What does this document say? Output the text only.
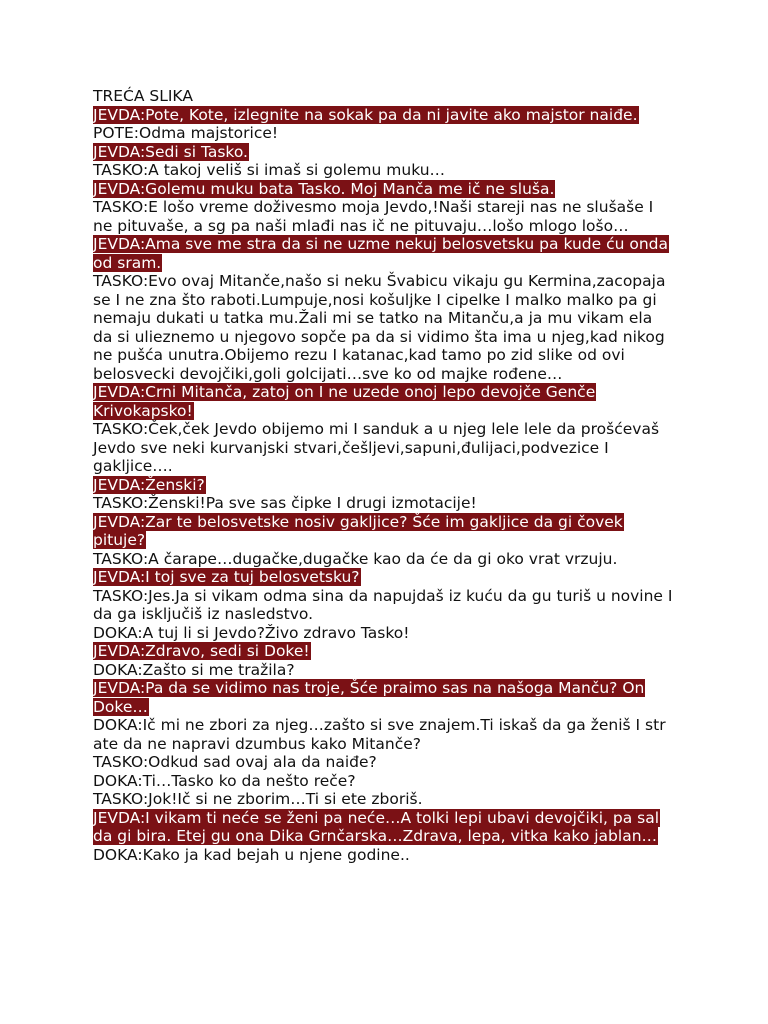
TREĆA SLIKA

JEVDA:Pote, Kote, izlegnite na sokak pa da ni javite ako majstor naiđe.

POTE:Odma majstorice!

JEVDA:Sedi si Tasko.

TASKO:A takoj veliš si imaš si golemu muku…

JEVDA:Golemu muku bata Tasko. Moj Manča me ič ne sluša.

TASKO:E lošo vreme doživesmo moja Jevdo,!Naši stareji nas ne slušaše I ne pituvaše, a sg pa naši mlađi nas ič ne pituvaju…lošo mlogo lošo…

JEVDA:Ama sve me stra da si ne uzme nekuj belosvetsku pa kude ću onda od sram.

TASKO:Evo ovaj Mitanče,našo si neku Švabicu vikaju gu Kermina,zacopaja se I ne zna što raboti.Lumpuje,nosi košuljke I cipelke I malko malko pa gi nemaju dukati u tatka mu.Žali mi se tatko na Mitanču,a ja mu vikam ela da si ulieznemo u njegovo sopče pa da si vidimo šta ima u njeg,kad nikog ne pušća unutra.Obijemo rezu I katanac,kad tamo po zid slike od ovi belosvecki devojčiki,goli golcijati…sve ko od majke rođene…

JEVDA:Crni Mitanča, zatoj on I ne uzede onoj lepo devojče Genče Krivokapsko!

TASKO:Ček,ček Jevdo obijemo mi I sanduk a u njeg lele lele da prošćevaš Jevdo sve neki kurvanjski stvari,češljevi,sapuni,đulijaci,podvezice I gakljice….

JEVDA:Ženski?

TASKO:Ženski!Pa sve sas čipke I drugi izmotacije!

JEVDA:Zar te belosvetske nosiv gakljice? Šće im gakljice da gi čovek pituje?

TASKO:A čarape…dugačke,dugačke kao da će da gi oko vrat vrzuju.

JEVDA:I toj sve za tuj belosvetsku?

TASKO:Jes.Ja si vikam odma sina da napujdaš iz kuću da gu turiš u novine I da ga isključiš iz nasledstvo.

DOKA:A tuj li si Jevdo?Živo zdravo Tasko!

JEVDA:Zdravo, sedi si Doke!

DOKA:Zašto si me tražila?

JEVDA:Pa da se vidimo nas troje, Šće praimo sas na našoga Manču? On Doke…

DOKA:Ič mi ne zbori za njeg…zašto si sve znajem.Ti iskaš da ga ženiš I str ate da ne napravi dzumbus kako Mitanče?

TASKO:Odkud sad ovaj ala da naiđe?

DOKA:Ti…Tasko ko da nešto reče?

TASKO:Jok!Ič si ne zborim…Ti si ete zboriš.

JEVDA:I vikam ti neće se ženi pa neće…A tolki lepi ubavi devojčiki, pa sal da gi bira. Etej gu ona Dika Grnčarska…Zdrava, lepa, vitka kako jablan…

DOKA:Kako ja kad bejah u njene godine..
